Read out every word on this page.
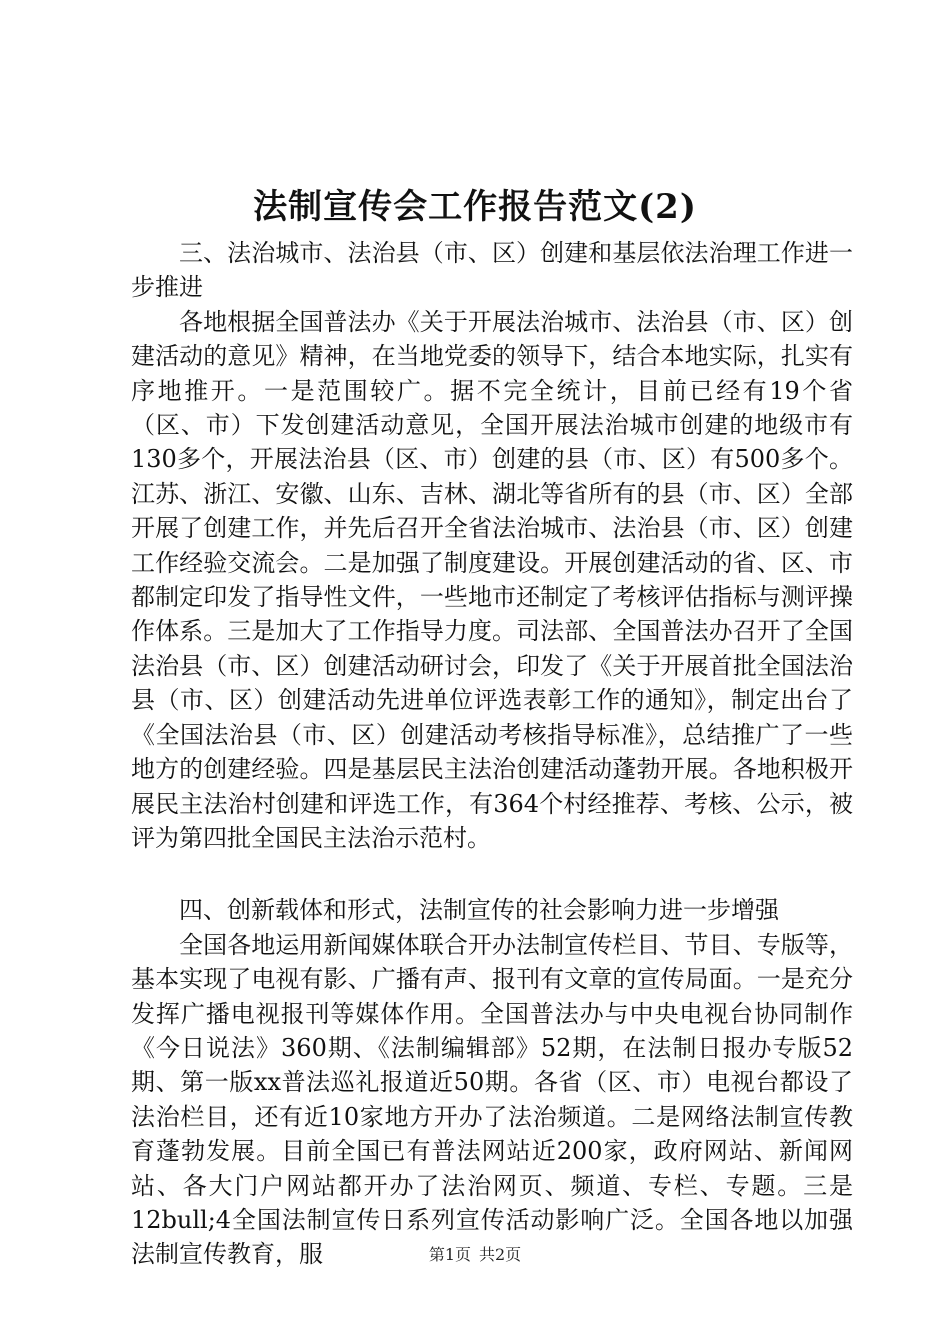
法制宣传会工作报告范文(2)

三、法治城市、法治县（市、区）创建和基层依法治理工作进一步推进

各地根据全国普法办《关于开展法治城市、法治县（市、区）创建活动的意见》精神，在当地党委的领导下，结合本地实际，扎实有序地推开。一是范围较广。据不完全统计，目前已经有19个省（区、市）下发创建活动意见，全国开展法治城市创建的地级市有130多个，开展法治县（区、市）创建的县（市、区）有500多个。江苏、浙江、安徽、山东、吉林、湖北等省所有的县（市、区）全部开展了创建工作，并先后召开全省法治城市、法治县（市、区）创建工作经验交流会。二是加强了制度建设。开展创建活动的省、区、市都制定印发了指导性文件，一些地市还制定了考核评估指标与测评操作体系。三是加大了工作指导力度。司法部、全国普法办召开了全国法治县（市、区）创建活动研讨会，印发了《关于开展首批全国法治县（市、区）创建活动先进单位评选表彰工作的通知》，制定出台了《全国法治县（市、区）创建活动考核指导标准》，总结推广了一些地方的创建经验。四是基层民主法治创建活动蓬勃开展。各地积极开展民主法治村创建和评选工作，有364个村经推荐、考核、公示，被评为第四批全国民主法治示范村。

四、创新载体和形式，法制宣传的社会影响力进一步增强

全国各地运用新闻媒体联合开办法制宣传栏目、节目、专版等，基本实现了电视有影、广播有声、报刊有文章的宣传局面。一是充分发挥广播电视报刊等媒体作用。全国普法办与中央电视台协同制作《今日说法》360期、《法制编辑部》52期，在法制日报办专版52期、第一版xx普法巡礼报道近50期。各省（区、市）电视台都设了法治栏目，还有近10家地方开办了法治频道。二是网络法制宣传教育蓬勃发展。目前全国已有普法网站近200家，政府网站、新闻网站、各大门户网站都开办了法治网页、频道、专栏、专题。三是12bull;4全国法制宣传日系列宣传活动影响广泛。全国各地以加强法制宣传教育，服	第1页 共2页
